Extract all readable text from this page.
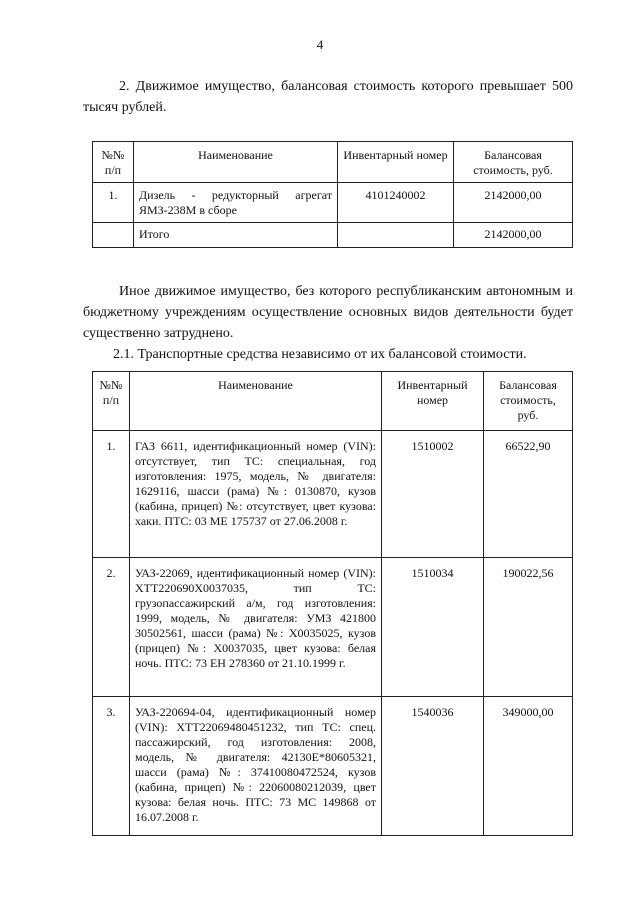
4
2. Движимое имущество, балансовая стоимость которого превышает 500 тысяч рублей.
№№ п/п	Наименование	Инвентарный номер	Балансовая стоимость, руб.
1.	Дизель - редукторный агрегат ЯМЗ-238М в сборе	4101240002	2142000,00
	Итого		2142000,00
Иное движимое имущество, без которого республиканским автономным и бюджетному учреждениям осуществление основных видов деятельности будет существенно затруднено.
2.1. Транспортные средства независимо от их балансовой стоимости.
№№ п/п	Наименование	Инвентарный номер	Балансовая стоимость, руб.
1.	ГАЗ 6611, идентификационный номер (VIN): отсутствует, тип ТС: специальная, год изготовления: 1975, модель, № двигателя: 1629116, шасси (рама) №: 0130870, кузов (кабина, прицеп) №: отсутствует, цвет кузова: хаки. ПТС: 03 МЕ 175737 от 27.06.2008 г.	1510002	66522,90
2.	УАЗ-22069, идентификационный номер (VIN): ХТТ220690Х0037035, тип ТС: грузопассажирский а/м, год изготовления: 1999, модель, № двигателя: УМЗ 421800 30502561, шасси (рама) №: Х0035025, кузов (прицеп) №: Х0037035, цвет кузова: белая ночь. ПТС: 73 ЕН 278360 от 21.10.1999 г.	1510034	190022,56
3.	УАЗ-220694-04, идентификационный номер (VIN): ХТТ22069480451232, тип ТС: спец. пассажирский, год изготовления: 2008, модель, № двигателя: 42130Е*80605321, шасси (рама) №: 37410080472524, кузов (кабина, прицеп) №: 22060080212039, цвет кузова: белая ночь. ПТС: 73 МС 149868 от 16.07.2008 г.	1540036	349000,00
